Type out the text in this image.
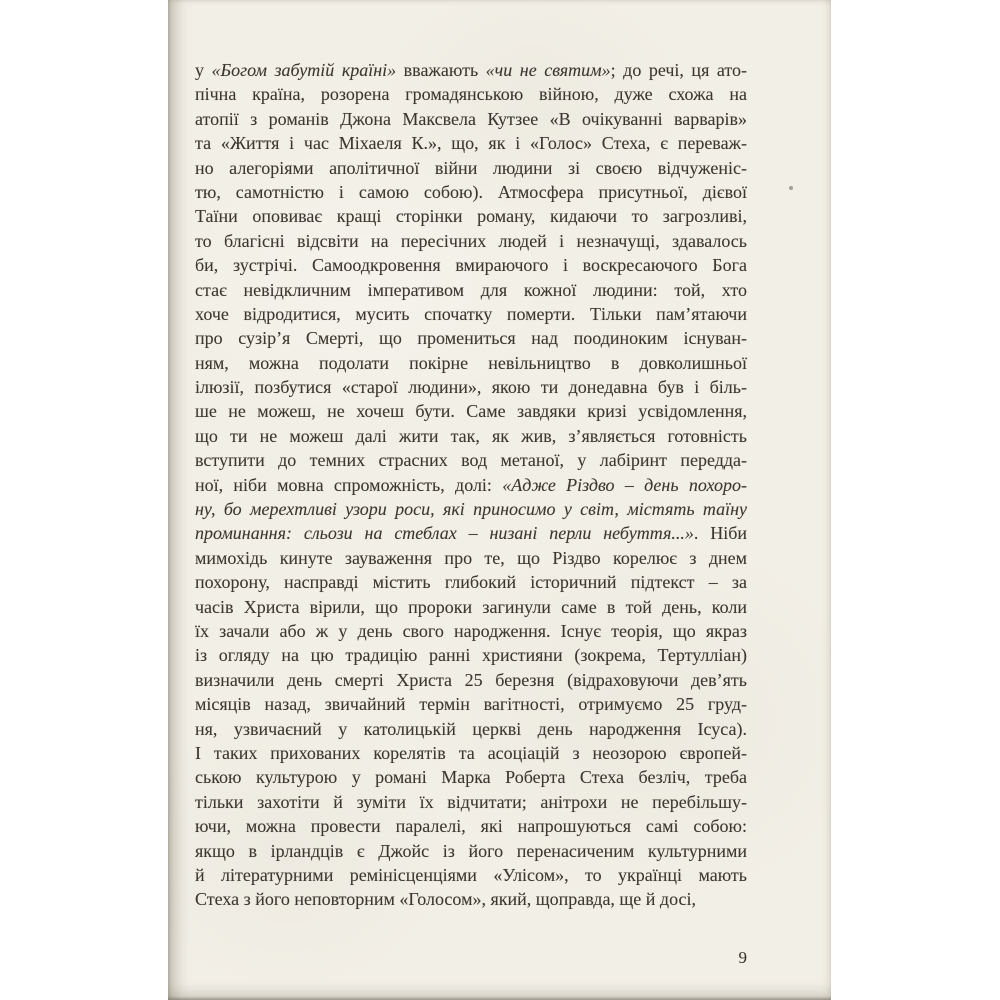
у «Богом забутій країні» вважають «чи не святим»; до речі, ця ато-
пічна країна, розорена громадянською війною, дуже схожа на
атопії з романів Джона Максвела Кутзее «В очікуванні варварів»
та «Життя і час Міхаеля К.», що, як і «Голос» Стеха, є переваж-
но алегоріями аполітичної війни людини зі своєю відчуженіс-
тю, самотністю і самою собою). Атмосфера присутньої, дієвої
Таїни оповиває кращі сторінки роману, кидаючи то загрозливі,
то благісні відсвіти на пересічних людей і незначущі, здавалось
би, зустрічі. Самоодкровення вмираючого і воскресаючого Бога
стає невідкличним імперативом для кожної людини: той, хто
хоче відродитися, мусить спочатку померти. Тільки пам’ятаючи
про сузір’я Смерті, що промениться над поодиноким існуван-
ням, можна подолати покірне невільництво в довколишньої
ілюзії, позбутися «старої людини», якою ти донедавна був і біль-
ше не можеш, не хочеш бути. Саме завдяки кризі усвідомлення,
що ти не можеш далі жити так, як жив, з’являється готовність
вступити до темних страсних вод метаної, у лабіринт передда-
ної, ніби мовна спроможність, долі: «Адже Різдво – день похоро-
ну, бо мерехтливі узори роси, які приносимо у світ, містять таїну
проминання: сльози на стеблах – низані перли небуття...». Ніби
мимохідь кинуте зауваження про те, що Різдво корелює з днем
похорону, насправді містить глибокий історичний підтекст – за
часів Христа вірили, що пророки загинули саме в той день, коли
їх зачали або ж у день свого народження. Існує теорія, що якраз
із огляду на цю традицію ранні християни (зокрема, Тертулліан)
визначили день смерті Христа 25 березня (відраховуючи дев’ять
місяців назад, звичайний термін вагітності, отримуємо 25 груд-
ня, узвичаєний у католицькій церкві день народження Ісуса).
І таких прихованих корелятів та асоціацій з неозорою європей-
ською культурою у романі Марка Роберта Стеха безліч, треба
тільки захотіти й зуміти їх відчитати; анітрохи не перебільшу-
ючи, можна провести паралелі, які напрошуються самі собою:
якщо в ірландців є Джойс із його перенасиченим культурними
й літературними ремінісценціями «Улісом», то українці мають
Стеха з його неповторним «Голосом», який, щоправда, ще й досі,
9
